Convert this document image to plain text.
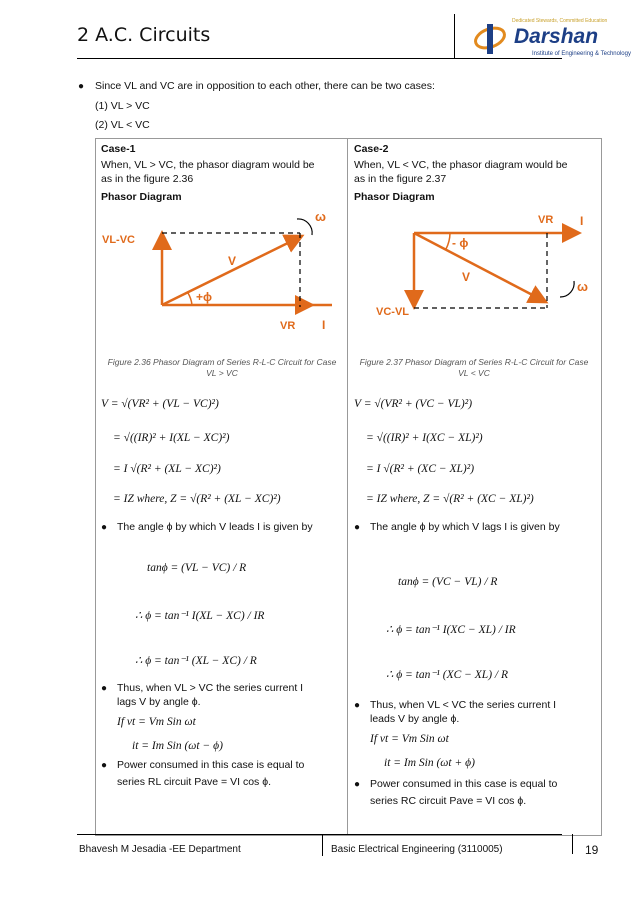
2 A.C. Circuits
Dedicated Stewards, Committed Education
Darshan
Institute of Engineering & Technology
● Since VL and VC are in opposition to each other, there can be two cases:
(1) VL > VC
(2) VL < VC
Case-1
When, VL > VC, the phasor diagram would be
as in the figure 2.36
Phasor Diagram
ω
VL-VC
V
+ϕ
VR I
Figure 2.36 Phasor Diagram of Series R-L-C Circuit for Case
VL > VC
V = √(VR² + (VL − VC)²)
= √((IR)² + I(XL − XC)²)
= I √(R² + (XL − XC)²)
= IZ where, Z = √(R² + (XL − XC)²)
● The angle ϕ by which V leads I is given by
tanϕ = (VL − VC) / R
∴ ϕ = tan⁻¹ I(XL − XC) / IR
∴ ϕ = tan⁻¹ (XL − XC) / R
● Thus, when VL > VC the series current I
lags V by angle ϕ.
If vt = Vm Sin ωt
it = Im Sin (ωt − ϕ)
● Power consumed in this case is equal to
series RL circuit Pave = VI cos ϕ.
Case-2
When, VL < VC, the phasor diagram would be
as in the figure 2.37
Phasor Diagram
VR I
- ϕ
V
ω
VC-VL
Figure 2.37 Phasor Diagram of Series R-L-C Circuit for Case
VL < VC
V = √(VR² + (VC − VL)²)
= √((IR)² + I(XC − XL)²)
= I √(R² + (XC − XL)²)
= IZ where, Z = √(R² + (XC − XL)²)
● The angle ϕ by which V lags I is given by
tanϕ = (VC − VL) / R
∴ ϕ = tan⁻¹ I(XC − XL) / IR
∴ ϕ = tan⁻¹ (XC − XL) / R
● Thus, when VL < VC the series current I
leads V by angle ϕ.
If vt = Vm Sin ωt
it = Im Sin (ωt + ϕ)
● Power consumed in this case is equal to
series RC circuit Pave = VI cos ϕ.
Bhavesh M Jesadia -EE Department	Basic Electrical Engineering (3110005)	19
